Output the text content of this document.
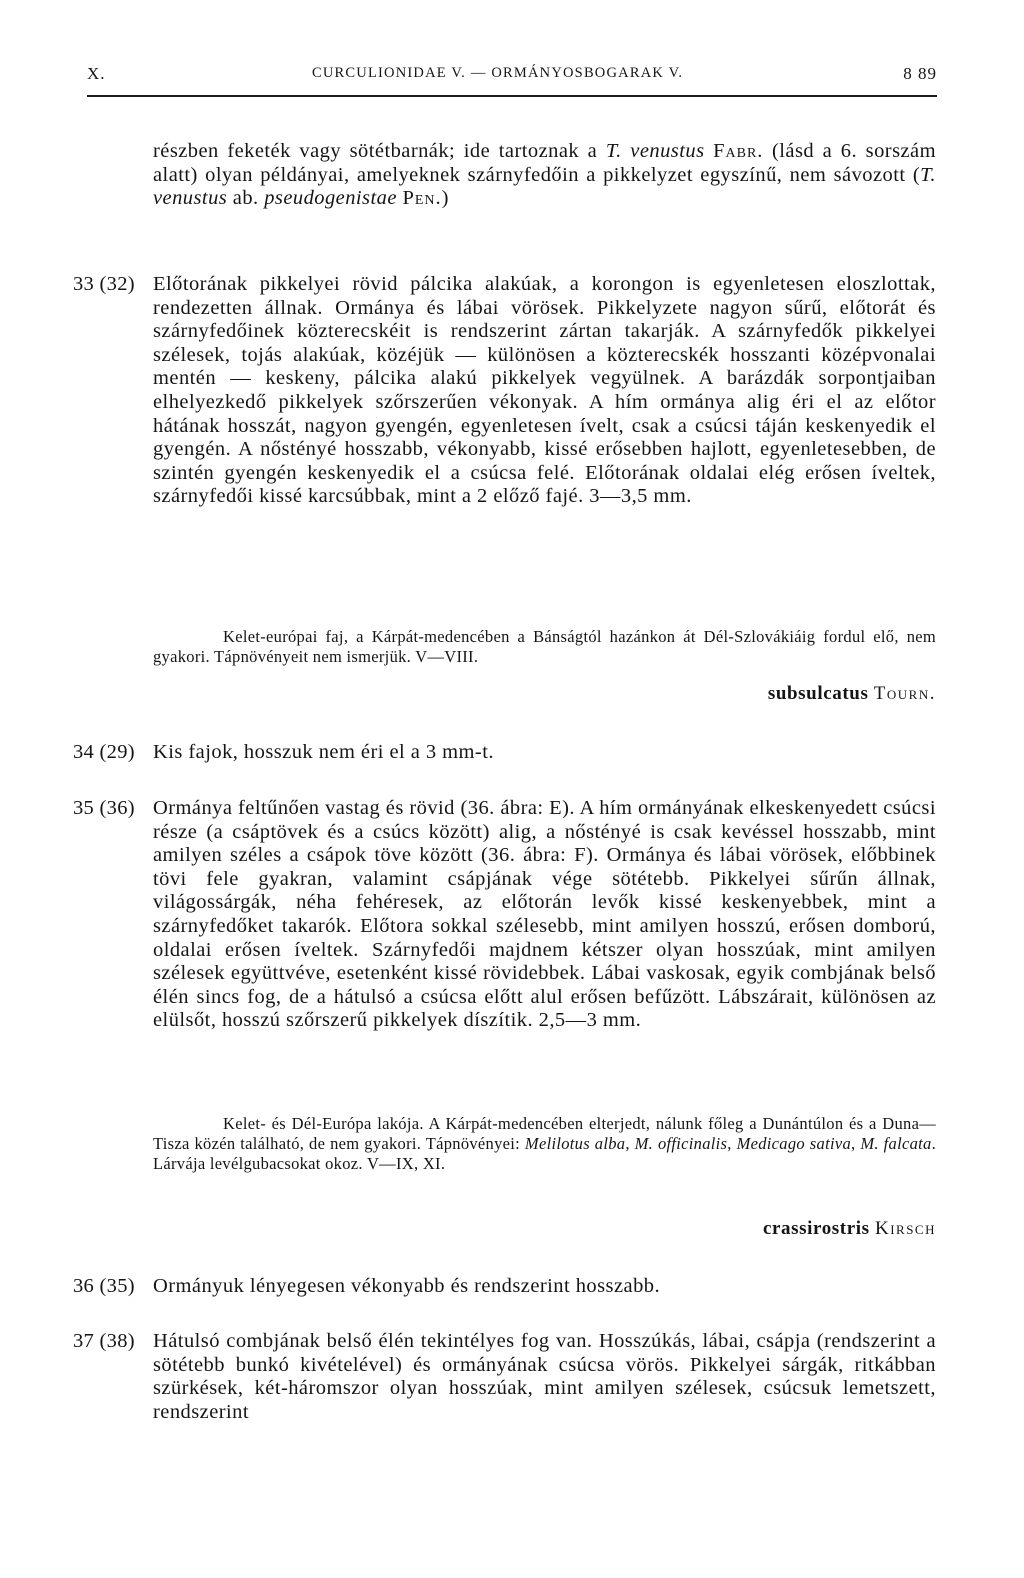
X.	CURCULIONIDAE V. — ORMÁNYOSBOGARAK V.	8 89
részben feketék vagy sötétbarnák; ide tartoznak a T. venustus Fabr. (lásd a 6. sorszám alatt) olyan példányai, amelyeknek szárnyfedőin a pikkelyzet egyszínű, nem sávozott (T. venustus ab. pseudogenistae Pen.)
33 (32) Előtorának pikkelyei rövid pálcika alakúak, a korongon is egyenletesen eloszlottak, rendezetten állnak. Ormánya és lábai vörösek. Pikkelyzete nagyon sűrű, előtorát és szárnyfedőinek közterecskéit is rendszerint zártan takarják. A szárnyfedők pikkelyei szélesek, tojás alakúak, közéjük — különösen a közterecskék hosszanti középvonalai mentén — keskeny, pálcika alakú pikkelyek vegyülnek. A barázdák sorpontjaiban elhelyezkedő pikkelyek szőrszerűen vékonyak. A hím ormánya alig éri el az előtor hátának hosszát, nagyon gyengén, egyenletesen ívelt, csak a csúcsi táján keskenyedik el gyengén. A nőstényé hosszabb, vékonyabb, kissé erősebben hajlott, egyenletesebben, de szintén gyengén keskenyedik el a csúcsa felé. Előtorának oldalai elég erősen íveltek, szárnyfedői kissé karcsúbbak, mint a 2 előző fajé. 3—3,5 mm.
Kelet-európai faj, a Kárpát-medencében a Bánságtól hazánkon át Dél-Szlovákiáig fordul elő, nem gyakori. Tápnövényeit nem ismerjük. V—VIII.
subsulcatus Tourn.
34 (29) Kis fajok, hosszuk nem éri el a 3 mm-t.
35 (36) Ormánya feltűnően vastag és rövid (36. ábra: E). A hím ormányának elkeskenyedett csúcsi része (a csáptövek és a csúcs között) alig, a nőstényé is csak kevéssel hosszabb, mint amilyen széles a csápok töve között (36. ábra: F). Ormánya és lábai vörösek, előbbinek tövi fele gyakran, valamint csápjának vége sötétebb. Pikkelyei sűrűn állnak, világossárgák, néha fehéresek, az előtorán levők kissé keskenyebbek, mint a szárnyfedőket takarók. Előtora sokkal szélesebb, mint amilyen hosszú, erősen domború, oldalai erősen íveltek. Szárnyfedői majdnem kétszer olyan hosszúak, mint amilyen szélesek együttvéve, esetenként kissé rövidebbek. Lábai vaskosak, egyik combjának belső élén sincs fog, de a hátulsó a csúcsa előtt alul erősen befűzött. Lábszárait, különösen az elülsőt, hosszú szőrszerű pikkelyek díszítik. 2,5—3 mm.
Kelet- és Dél-Európa lakója. A Kárpát-medencében elterjedt, nálunk főleg a Dunántúlon és a Duna—Tisza közén található, de nem gyakori. Tápnövényei: Melilotus alba, M. officinalis, Medicago sativa, M. falcata. Lárvája levélgubacsokat okoz. V—IX, XI.
crassirostris Kirsch
36 (35) Ormányuk lényegesen vékonyabb és rendszerint hosszabb.
37 (38) Hátulsó combjának belső élén tekintélyes fog van. Hosszúkás, lábai, csápja (rendszerint a sötétebb bunkó kivételével) és ormányának csúcsa vörös. Pikkelyei sárgák, ritkábban szürkések, két-háromszor olyan hosszúak, mint amilyen szélesek, csúcsuk lemetszett, rendszerint
